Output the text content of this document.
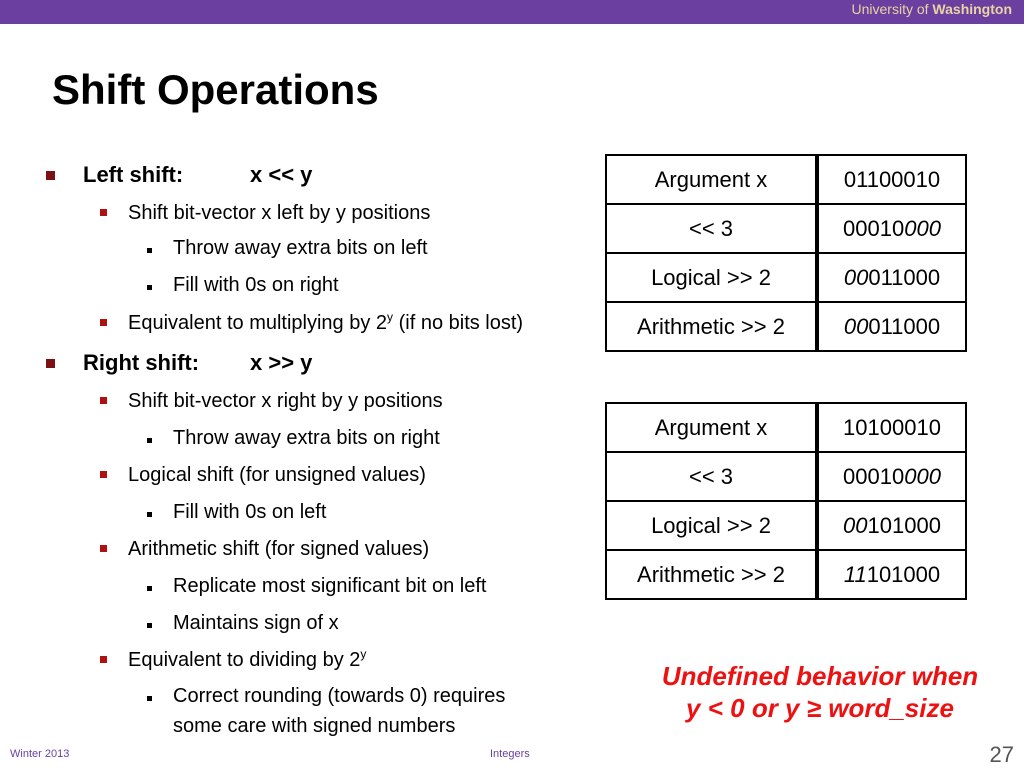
University of Washington
Shift Operations
Left shift:	x << y
Shift bit-vector x left by y positions
Throw away extra bits on left
Fill with 0s on right
Equivalent to multiplying by 2$^y$ (if no bits lost)
Right shift: x >> y
Shift bit-vector x right by y positions
Throw away extra bits on right
Logical shift (for unsigned values)
Fill with 0s on left
Arithmetic shift (for signed values)
Replicate most significant bit on left
Maintains sign of x
Equivalent to dividing by 2$^y$
Correct rounding (towards 0) requires
some care with signed numbers
Argument x		01100010
<< 3		00010000
Logical >> 2		00011000
Arithmetic >> 2		00011000
Argument x		10100010
<< 3		00010000
Logical >> 2		00101000
Arithmetic >> 2		11101000
Undefined behavior when
y < 0 or y ≥ word_size
Winter 2013	Integers	27
